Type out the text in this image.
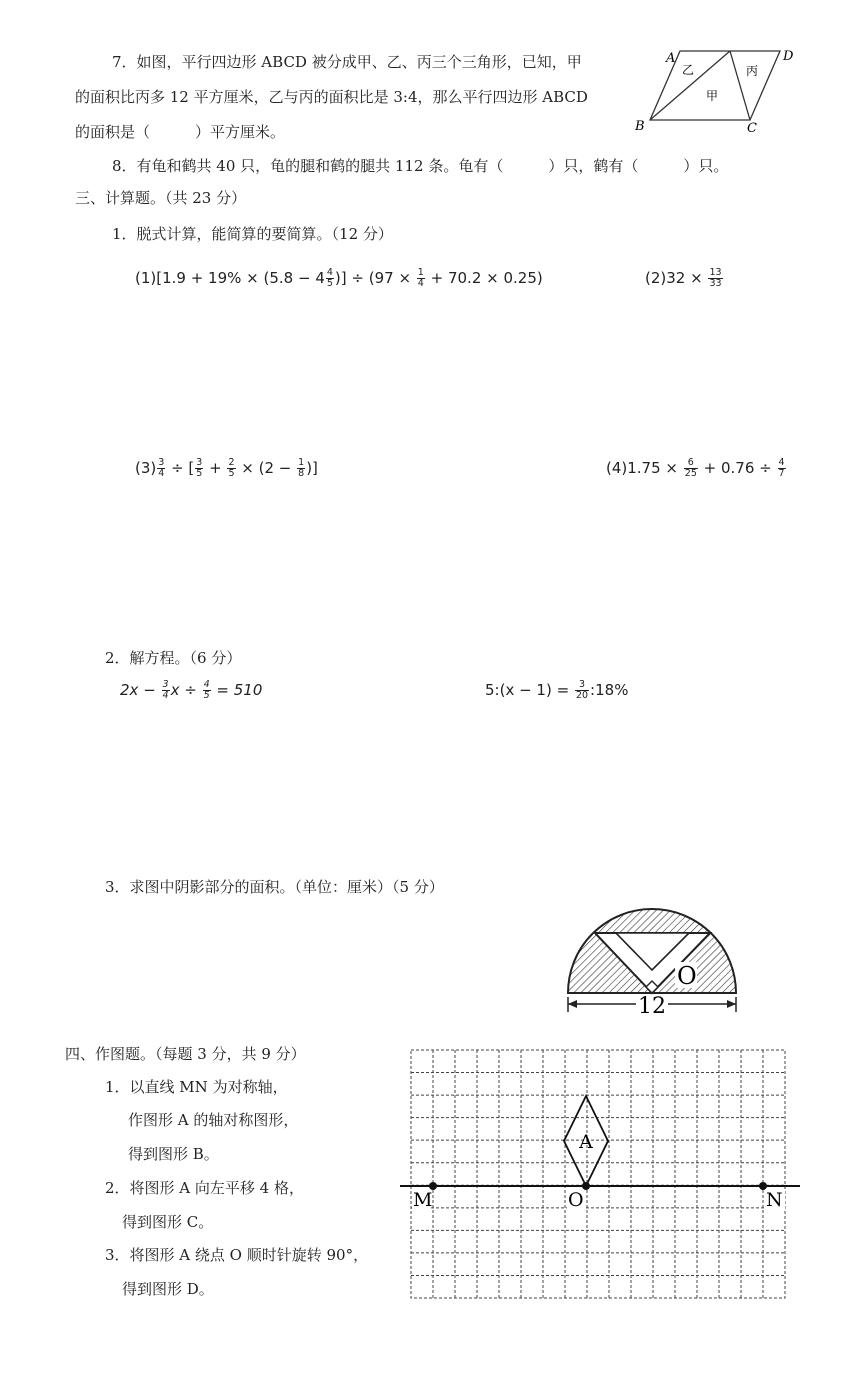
7．如图，平行四边形 ABCD 被分成甲、乙、丙三个三角形，已知，甲
的面积比丙多 12 平方厘米，乙与丙的面积比是 3:4，那么平行四边形 ABCD
的面积是（　　　）平方厘米。
A	D
B	C
乙	丙
甲
8．有龟和鹤共 40 只，龟的腿和鹤的腿共 112 条。龟有（　　　）只，鹤有（　　　）只。
三、计算题。（共 23 分）
1．脱式计算，能简算的要简算。（12 分）
$(1)[1.9 + 19\% \times (5.8 - 4 \frac{4}{5}$ )] ÷ $(97 \times \frac{1}{4} + 70.2 \times 0.25)$	$(2)32 \times \frac{13}{33}$
$(3) \frac{3}{4}$ ÷ [ $\frac{3}{5} + \frac{2}{5} \times (2 - \frac{1}{8}$ )]	$(4)1.75 \times \frac{6}{25} + 0.76 \div \frac{4}{7}$
2．解方程。（6 分）
$2x - \frac{3}{4}$ $x \div \frac{4}{5} = 510$	5:(x − $1) = \frac{3}{20}$ :18%
3．求图中阴影部分的面积。（单位：厘米）（5 分）
O
12
四、作图题。（每题 3 分，共 9 分）
1．以直线 MN 为对称轴，
作图形 A 的轴对称图形，
得到图形 B。
2．将图形 A 向左平移 4 格，
得到图形 C。
3．将图形 A 绕点 O 顺时针旋转 90°，
得到图形 D。
A
M	O	N
